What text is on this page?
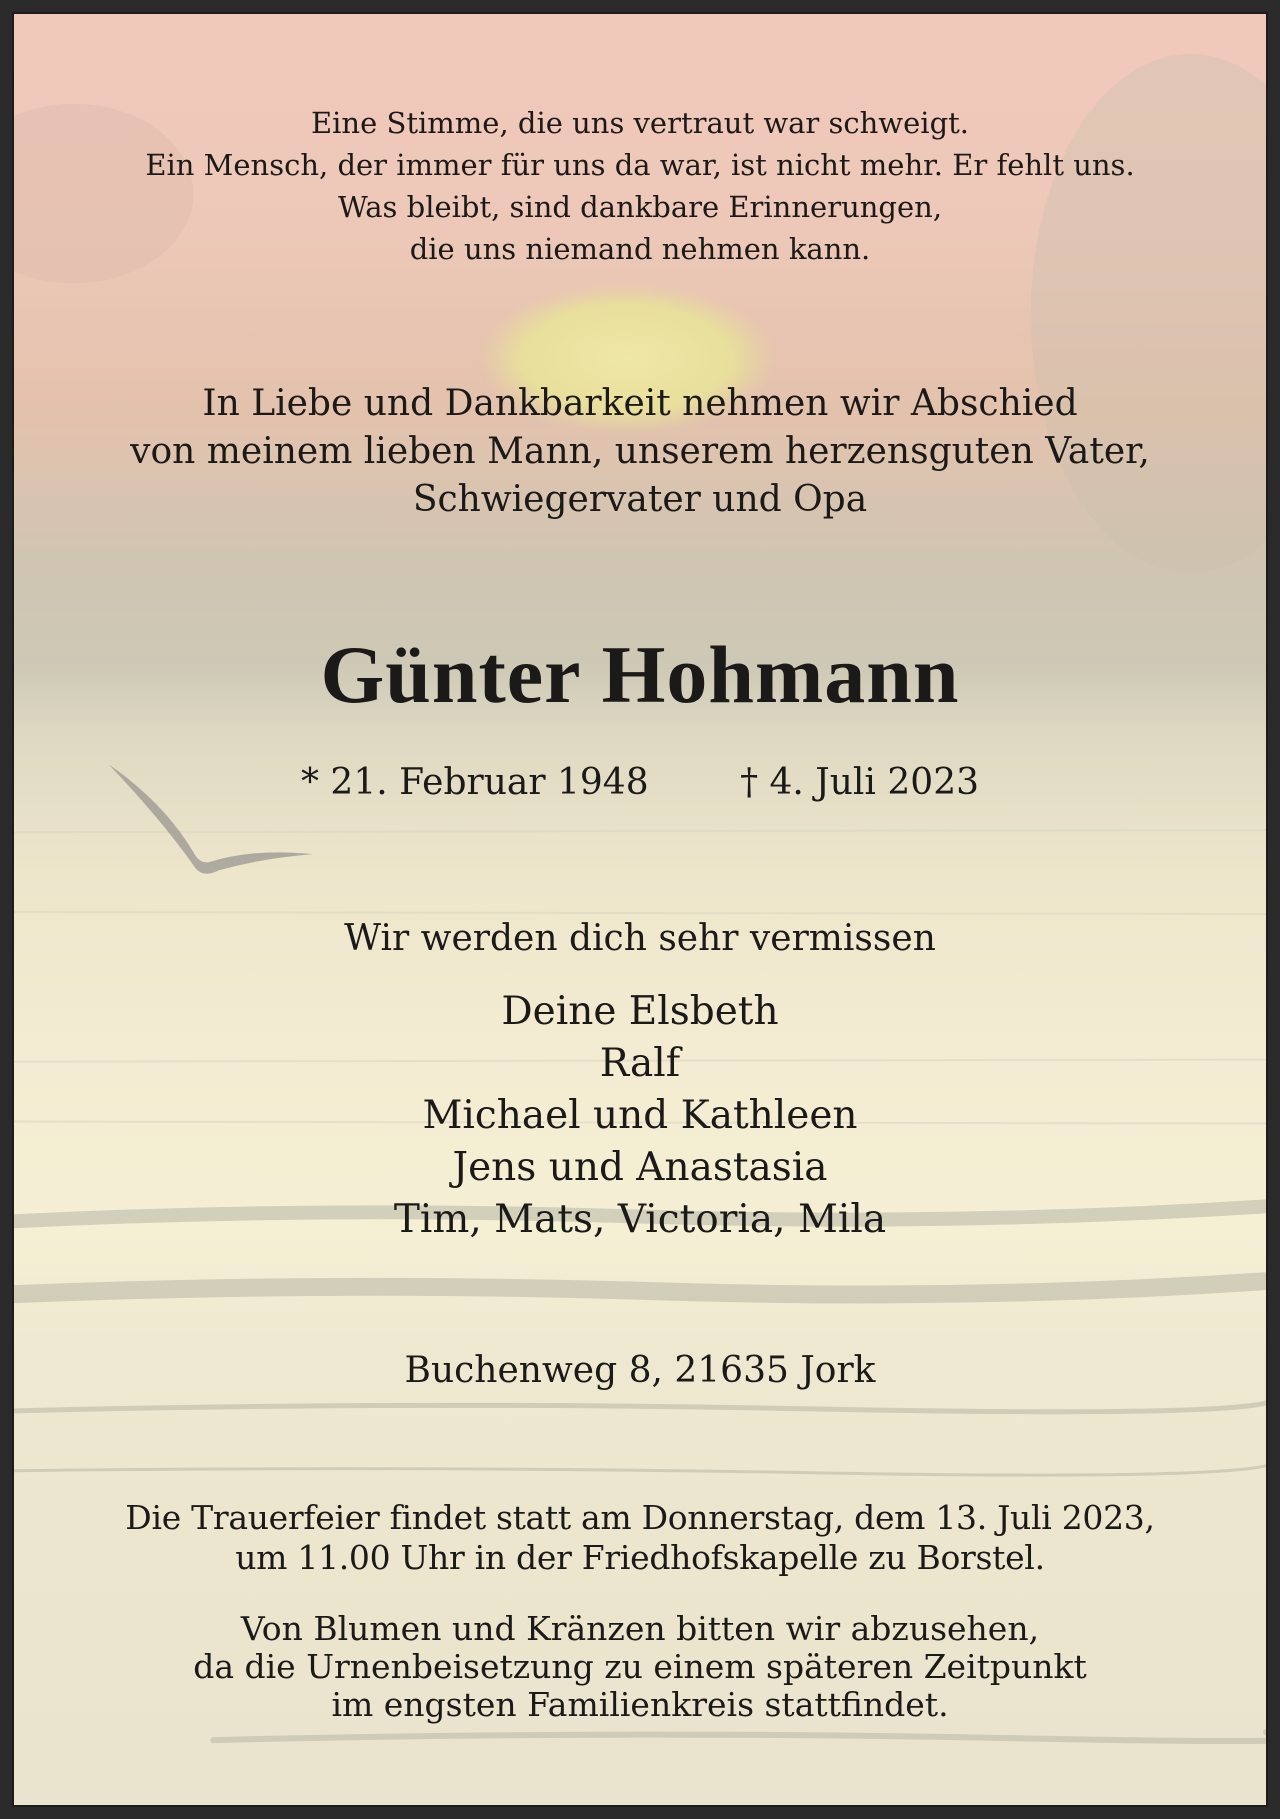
Eine Stimme, die uns vertraut war schweigt.
Ein Mensch, der immer für uns da war, ist nicht mehr. Er fehlt uns.
Was bleibt, sind dankbare Erinnerungen,
die uns niemand nehmen kann.
In Liebe und Dankbarkeit nehmen wir Abschied
von meinem lieben Mann, unserem herzensguten Vater,
Schwiegervater und Opa
Günter Hohmann
* 21. Februar 1948	† 4. Juli 2023
Wir werden dich sehr vermissen
Deine Elsbeth
Ralf
Michael und Kathleen
Jens und Anastasia
Tim, Mats, Victoria, Mila
Buchenweg 8, 21635 Jork
Die Trauerfeier findet statt am Donnerstag, dem 13. Juli 2023,
um 11.00 Uhr in der Friedhofskapelle zu Borstel.
Von Blumen und Kränzen bitten wir abzusehen,
da die Urnenbeisetzung zu einem späteren Zeitpunkt
im engsten Familienkreis stattfindet.
